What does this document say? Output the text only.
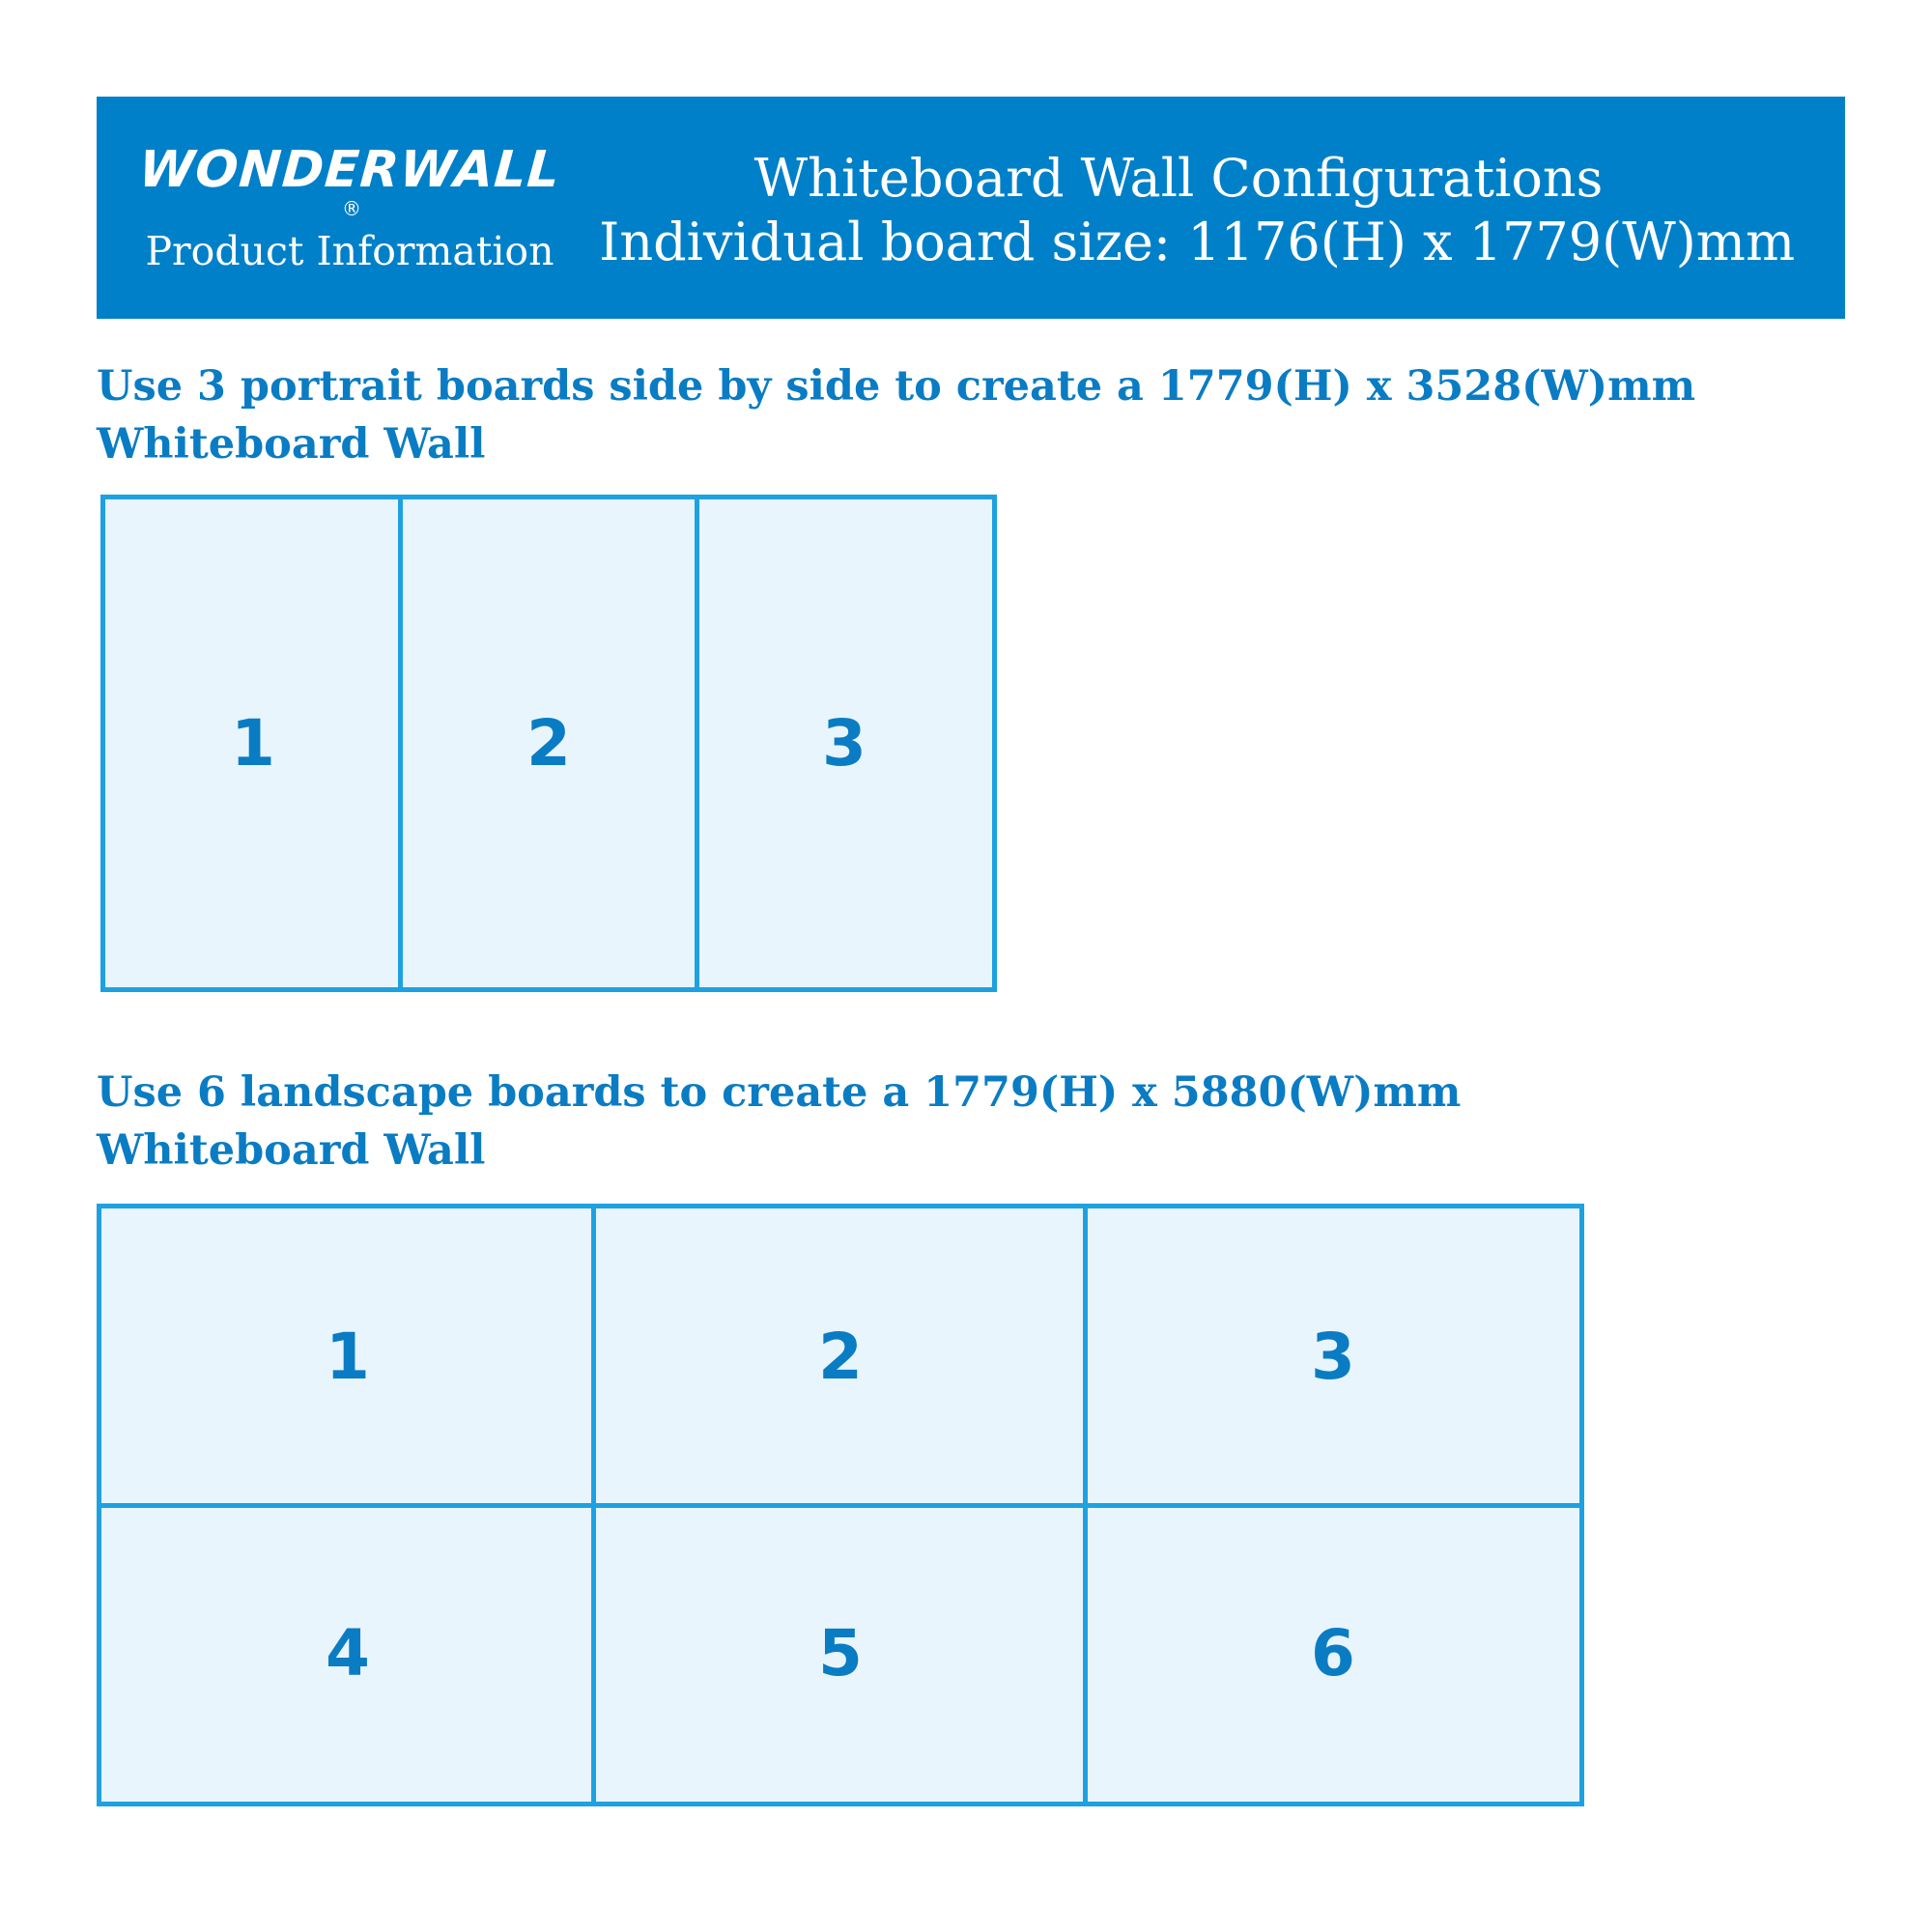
WONDERWALL®
Product Information
Whiteboard Wall Configurations
Individual board size: 1176(H) x 1779(W)mm
Use 3 portrait boards side by side to create a 1779(H) x 3528(W)mm
Whiteboard Wall
1	2	3
Use 6 landscape boards to create a 1779(H) x 5880(W)mm
Whiteboard Wall
1	2	3
4	5	6
